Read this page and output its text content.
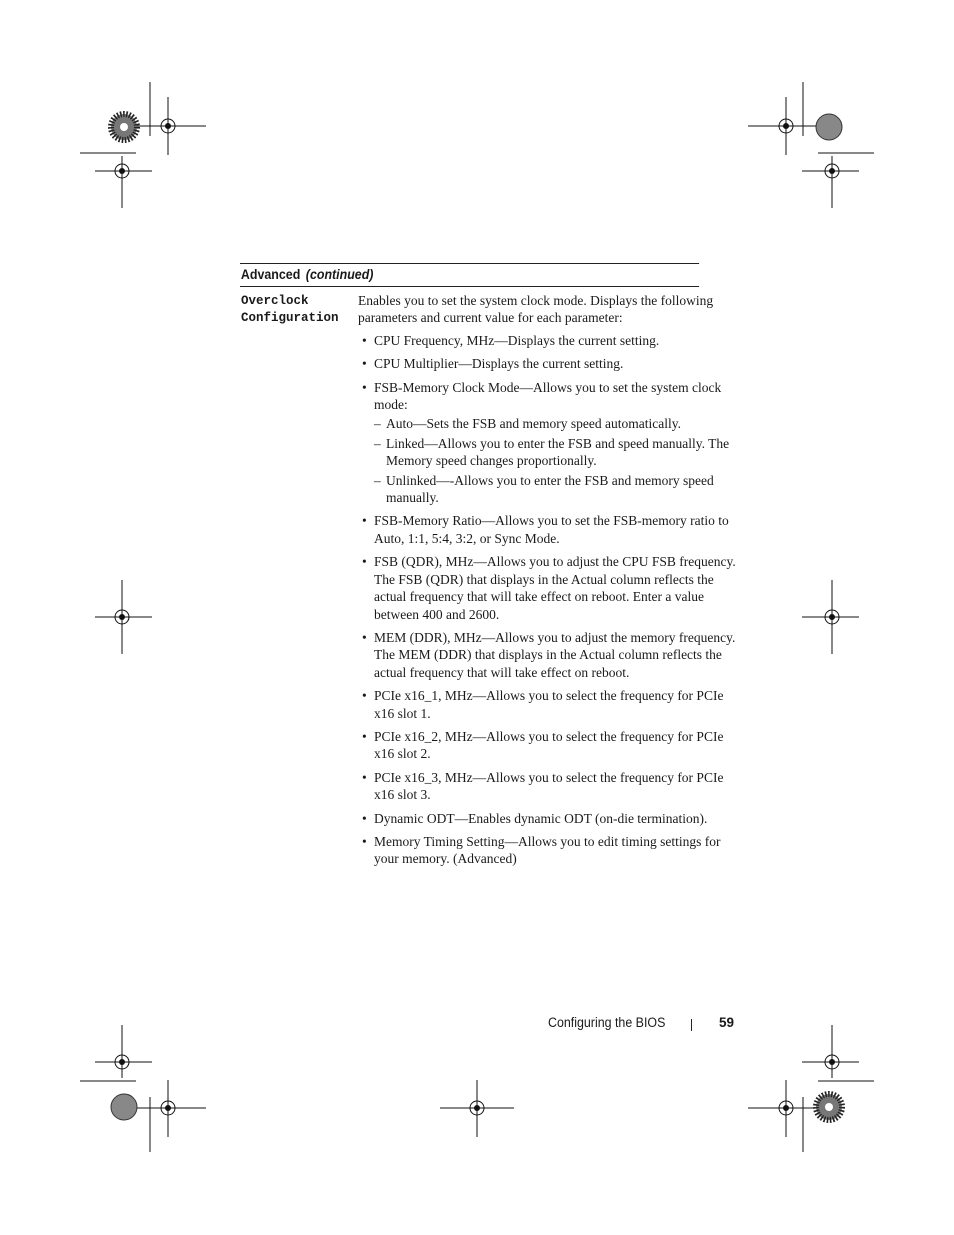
Advanced (continued)
Overclock
Configuration

Enables you to set the system clock mode. Displays the following parameters and current value for each parameter:

• CPU Frequency, MHz—Displays the current setting.
• CPU Multiplier—Displays the current setting.
• FSB-Memory Clock Mode—Allows you to set the system clock mode:
– Auto—Sets the FSB and memory speed automatically.
– Linked—Allows you to enter the FSB and speed manually. The Memory speed changes proportionally.
– Unlinked—-Allows you to enter the FSB and memory speed manually.
• FSB-Memory Ratio—Allows you to set the FSB-memory ratio to Auto, 1:1, 5:4, 3:2, or Sync Mode.
• FSB (QDR), MHz—Allows you to adjust the CPU FSB frequency. The FSB (QDR) that displays in the Actual column reflects the actual frequency that will take effect on reboot. Enter a value between 400 and 2600.
• MEM (DDR), MHz—Allows you to adjust the memory frequency. The MEM (DDR) that displays in the Actual column reflects the actual frequency that will take effect on reboot.
• PCIe x16_1, MHz—Allows you to select the frequency for PCIe x16 slot 1.
• PCIe x16_2, MHz—Allows you to select the frequency for PCIe x16 slot 2.
• PCIe x16_3, MHz—Allows you to select the frequency for PCIe x16 slot 3.
• Dynamic ODT—Enables dynamic ODT (on-die termination).
• Memory Timing Setting—Allows you to edit timing settings for your memory. (Advanced)
Configuring the BIOS	59
